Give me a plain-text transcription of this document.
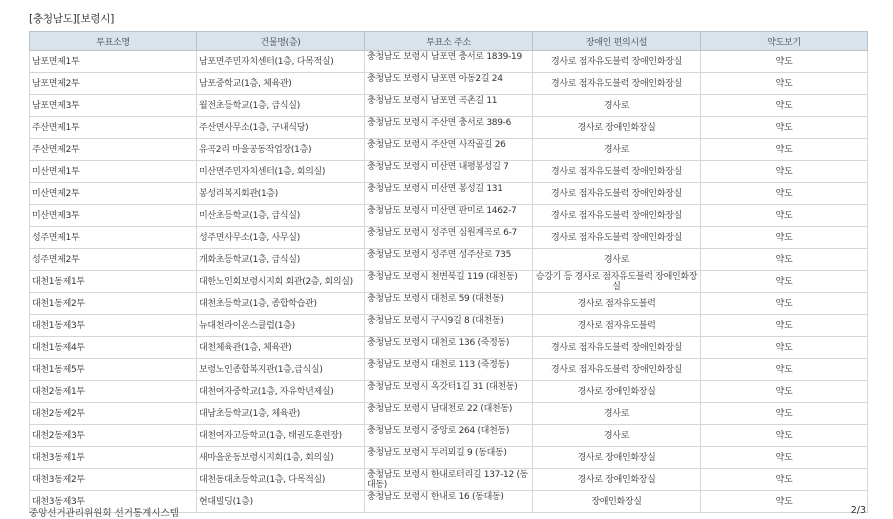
[충청남도][보령시]
투표소명	건물명(층)	투표소 주소	장애인 편의시설	약도보기
남포면제1투	남포면주민자치센터(1층, 다목적실)	충청남도 보령시 남포면 충서로 1839-19	경사로 점자유도블럭 장애인화장실	약도
남포면제2투	남포중학교(1층, 체육관)	충청남도 보령시 남포면 아동2길 24	경사로 점자유도블럭 장애인화장실	약도
남포면제3투	월전초등학교(1층, 급식실)	충청남도 보령시 남포면 곡촌길 11	경사로	약도
주산면제1투	주산면사무소(1층, 구내식당)	충청남도 보령시 주산면 충서로 389-6	경사로 장애인화장실	약도
주산면제2투	유곡2리 마을공동작업장(1층)	충청남도 보령시 주산면 사작골길 26	경사로	약도
미산면제1투	미산면주민자치센터(1층, 회의실)	충청남도 보령시 미산면 내평봉성길 7	경사로 점자유도블럭 장애인화장실	약도
미산면제2투	봉성리복지회관(1층)	충청남도 보령시 미산면 봉성길 131	경사로 점자유도블럭 장애인화장실	약도
미산면제3투	미산초등학교(1층, 급식실)	충청남도 보령시 미산면 판미로 1462-7	경사로 점자유도블럭 장애인화장실	약도
성주면제1투	성주면사무소(1층, 사무실)	충청남도 보령시 성주면 심원계곡로 6-7	경사로 점자유도블럭 장애인화장실	약도
성주면제2투	개화초등학교(1층, 급식실)	충청남도 보령시 성주면 성주산로 735	경사로	약도
대천1동제1투	대한노인회보령시지회 회관(2층, 회의실)	충청남도 보령시 천변북길 119 (대천동)	승강기 등 경사로 점자유도블럭 장애인화장실	약도
대천1동제2투	대천초등학교(1층, 종합학습관)	충청남도 보령시 대천로 59 (대천동)	경사로 점자유도블럭	약도
대천1동제3투	뉴대천라이온스클럽(1층)	충청남도 보령시 구시9길 8 (대천동)	경사로 점자유도블럭	약도
대천1동제4투	대천체육관(1층, 체육관)	충청남도 보령시 대천로 136 (죽정동)	경사로 점자유도블럭 장애인화장실	약도
대천1동제5투	보령노인종합복지관(1층,급식실)	충청남도 보령시 대천로 113 (죽정동)	경사로 점자유도블럭 장애인화장실	약도
대천2동제1투	대천여자중학교(1층, 자유학년제실)	충청남도 보령시 옥갓터1길 31 (대천동)	경사로 장애인화장실	약도
대천2동제2투	대남초등학교(1층, 체육관)	충청남도 보령시 남대천로 22 (대천동)	경사로	약도
대천2동제3투	대천여자고등학교(1층, 태권도훈련장)	충청남도 보령시 중앙로 264 (대천동)	경사로	약도
대천3동제1투	새마을운동보령시지회(1층, 회의실)	충청남도 보령시 두러뫼길 9 (동대동)	경사로 장애인화장실	약도
대천3동제2투	대천동대초등학교(1층, 다목적실)	충청남도 보령시 한내로터리길 137-12 (동대동)	경사로 장애인화장실	약도
대천3동제3투	현대빌딩(1층)	충청남도 보령시 한내로 16 (동대동)	장애인화장실	약도
중앙선거관리위원회 선거통계시스템	2/3
